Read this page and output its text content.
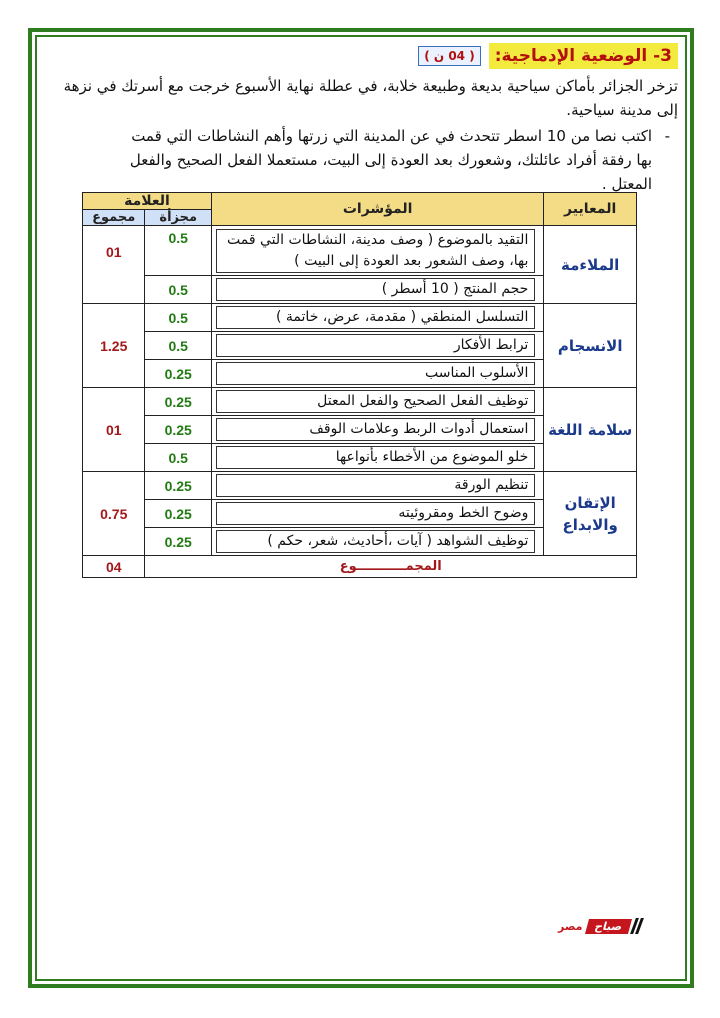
3- الوضعية الإدماجية:
( 04 ن )

تزخر الجزائر بأماكن سياحية بديعة وطبيعة خلابة، في عطلة نهاية الأسبوع خرجت مع أسرتك في نزهة إلى مدينة سياحية.

-
اكتب نصا من 10 اسطر تتحدث في عن المدينة التي زرتها وأهم النشاطات التي قمت بها رفقة أفراد عائلتك، وشعورك بعد العودة إلى البيت، مستعملا الفعل الصحيح والفعل المعتل .
المعايير	المؤشرات	العلامة	
		مجزأة	مجموع
الملاءمة	التقيد بالموضوع ( وصف مدينة، النشاطات التي قمت بها، وصف الشعور بعد العودة إلى البيت )	0.5	01

	حجم المنتج ( 10 أسطر )	0.5	
الانسجام	التسلسل المنطقي ( مقدمة، عرض، خاتمة )	0.5	1.25

	ترابط الأفكار	0.5	

	الأسلوب المناسب	0.25	
سلامة اللغة	توظيف الفعل الصحيح والفعل المعتل	0.25	01

	استعمال أدوات الربط وعلامات الوقف	0.25	

	خلو الموضوع من الأخطاء بأنواعها	0.5	
الإتقان والابداع	تنظيم الورقة	0.25	0.75

	وضوح الخط ومقروئيته	0.25	

	توظيف الشواهد ( آيات ،أحاديث، شعر، حكم )	0.25	
المجمـــــــــــوع			04
مصر صباح
